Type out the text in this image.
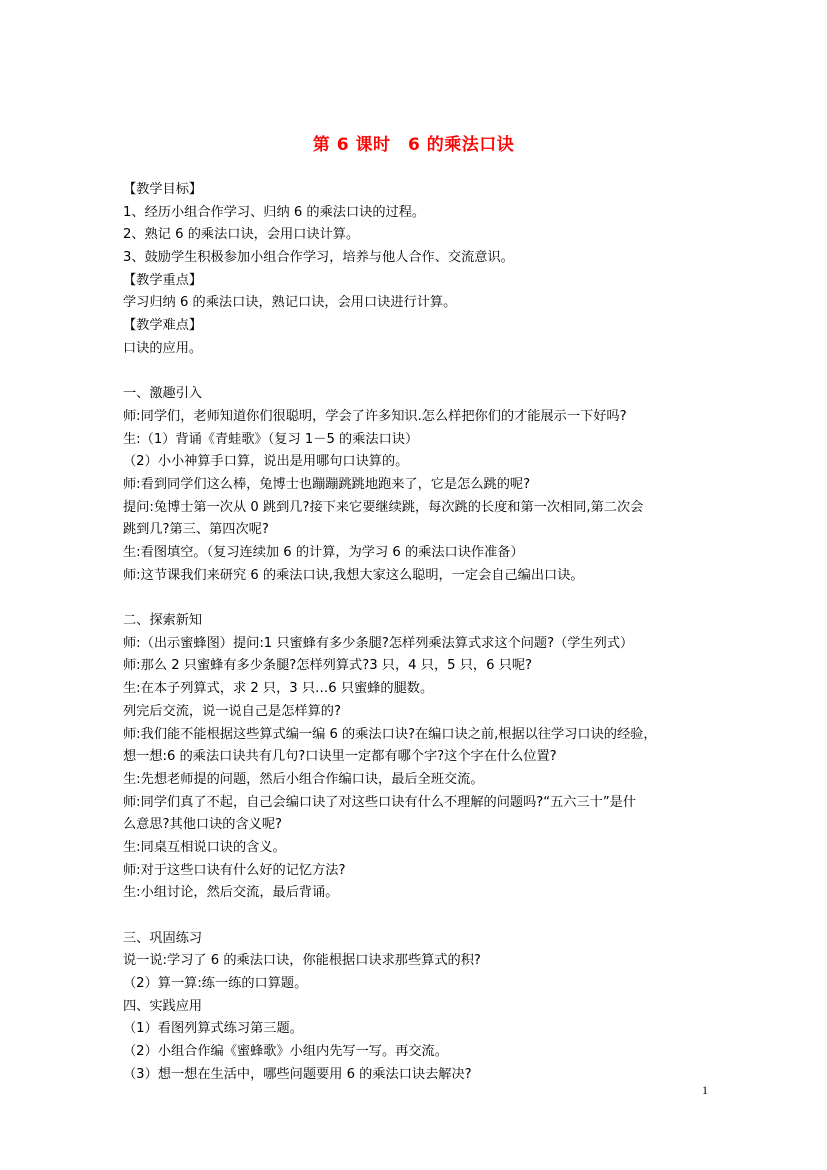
第 6 课时　6 的乘法口诀
【教学目标】
1、经历小组合作学习、归纳 6 的乘法口诀的过程。
2、熟记 6 的乘法口诀，会用口诀计算。
3、鼓励学生积极参加小组合作学习，培养与他人合作、交流意识。
【教学重点】
学习归纳 6 的乘法口诀，熟记口诀，会用口诀进行计算。
【教学难点】
口诀的应用。
一、激趣引入
师:同学们，老师知道你们很聪明，学会了许多知识.怎么样把你们的才能展示一下好吗?
生:（1）背诵《青蛙歌》（复习 1－5 的乘法口诀）
（2）小小神算手口算，说出是用哪句口诀算的。
师:看到同学们这么棒，兔博士也蹦蹦跳跳地跑来了，它是怎么跳的呢?
提问:兔博士第一次从 0 跳到几?接下来它要继续跳，每次跳的长度和第一次相同,第二次会
跳到几?第三、第四次呢?
生:看图填空。（复习连续加 6 的计算，为学习 6 的乘法口诀作准备）
师:这节课我们来研究 6 的乘法口诀,我想大家这么聪明，一定会自己编出口诀。
二、探索新知
师:（出示蜜蜂图）提问:1 只蜜蜂有多少条腿?怎样列乘法算式求这个问题?（学生列式）
师:那么 2 只蜜蜂有多少条腿?怎样列算式?3 只，4 只，5 只，6 只呢?
生:在本子列算式，求 2 只，3 只…6 只蜜蜂的腿数。
列完后交流，说一说自己是怎样算的?
师:我们能不能根据这些算式编一编 6 的乘法口诀?在编口诀之前,根据以往学习口诀的经验，
想一想:6 的乘法口诀共有几句?口诀里一定都有哪个字?这个字在什么位置?
生:先想老师提的问题，然后小组合作编口诀，最后全班交流。
师:同学们真了不起，自己会编口诀了对这些口诀有什么不理解的问题吗?“五六三十”是什
么意思?其他口诀的含义呢?
生:同桌互相说口诀的含义。
师:对于这些口诀有什么好的记忆方法?
生:小组讨论，然后交流，最后背诵。
三、巩固练习
说一说:学习了 6 的乘法口诀，你能根据口诀求那些算式的积?
（2）算一算:练一练的口算题。
四、实践应用
（1）看图列算式练习第三题。
（2）小组合作编《蜜蜂歌》小组内先写一写。再交流。
（3）想一想在生活中，哪些问题要用 6 的乘法口诀去解决?
1
